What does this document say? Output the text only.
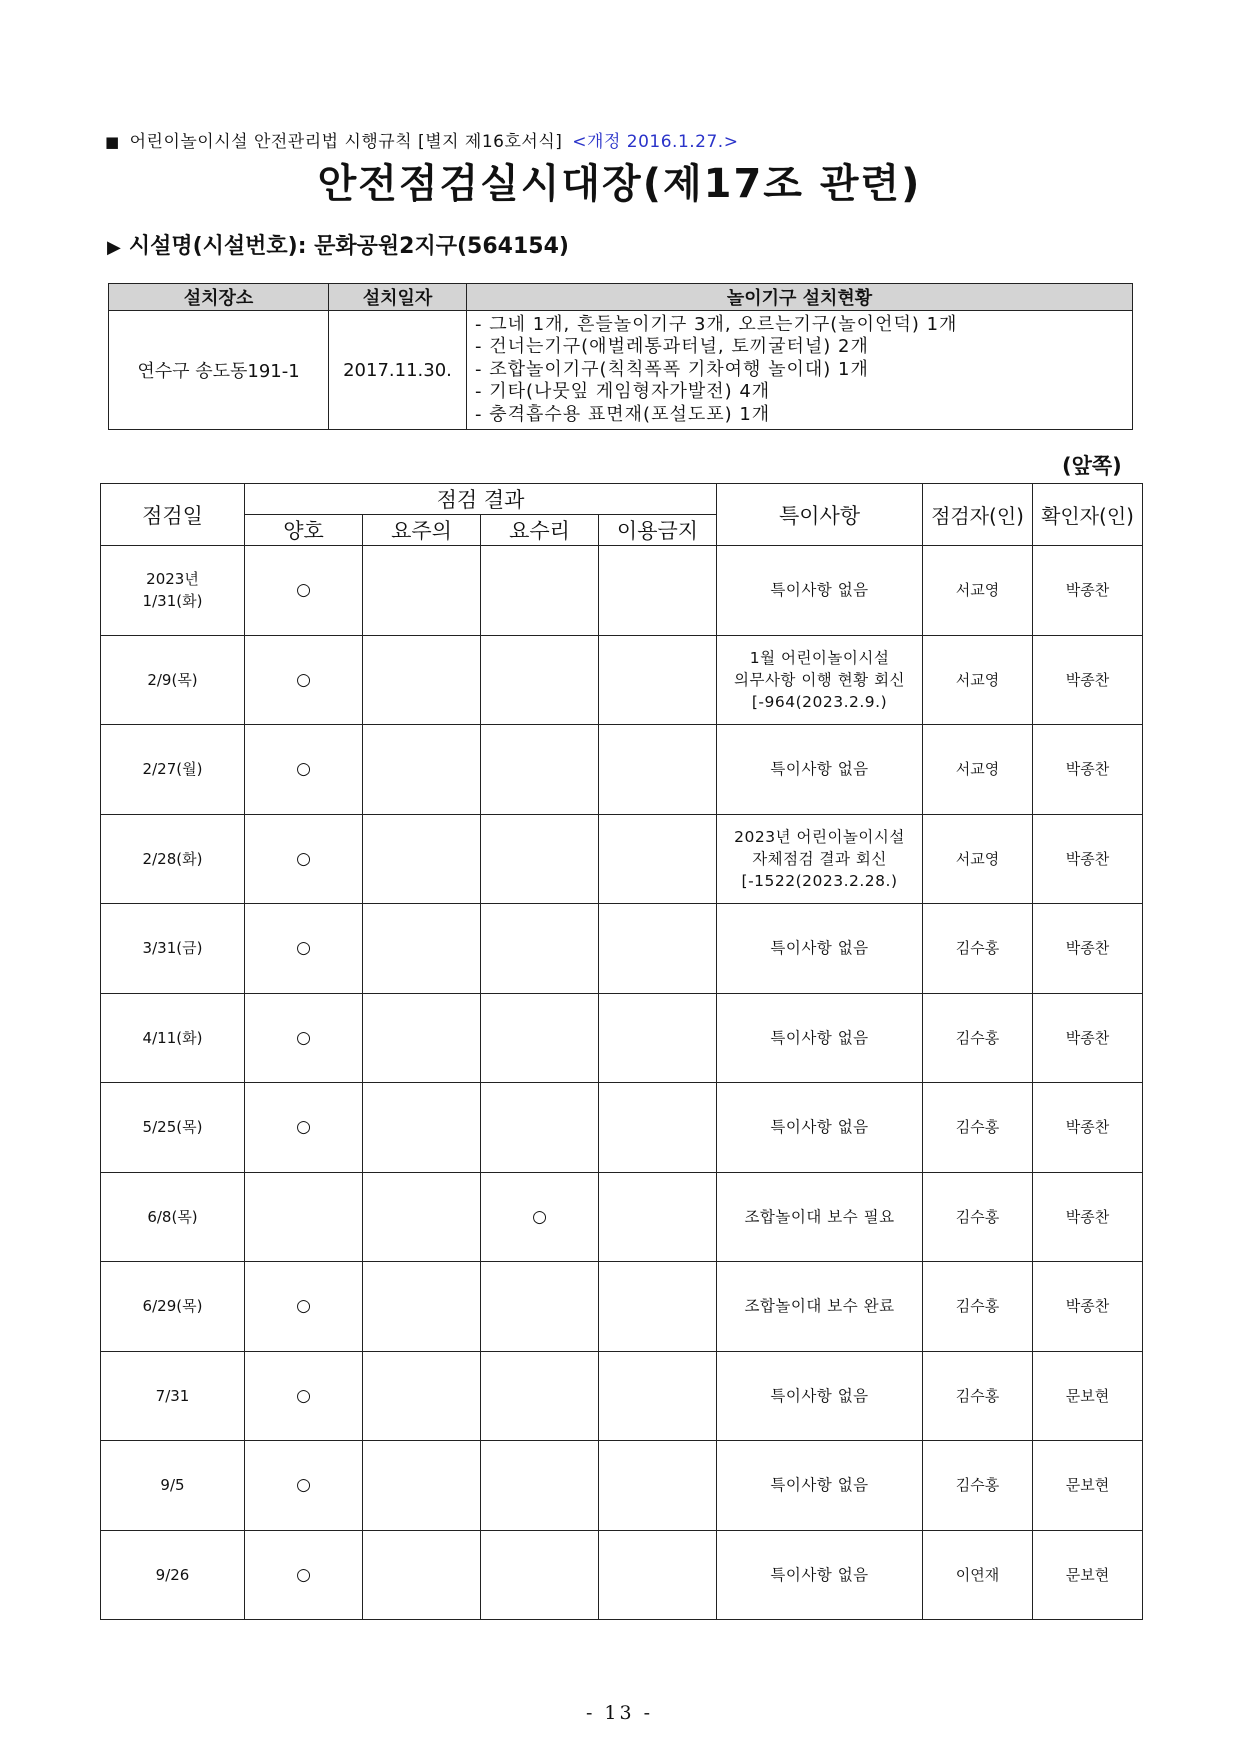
■ 어린이놀이시설 안전관리법 시행규칙 [별지 제16호서식] <개정 2016.1.27.>
안전점검실시대장(제17조 관련)
▶ 시설명(시설번호): 문화공원2지구(564154)
설치장소	설치일자	놀이기구 설치현황
연수구 송도동191-1	2017.11.30.	- 그네 1개, 흔들놀이기구 3개, 오르는기구(놀이언덕) 1개
- 건너는기구(애벌레통과터널, 토끼굴터널) 2개
- 조합놀이기구(칙칙폭폭 기차여행 놀이대) 1개
- 기타(나뭇잎 게임형자가발전) 4개
- 충격흡수용 표면재(포설도포) 1개
(앞쪽)
점검일	점검 결과				특이사항	점검자(인)	확인자(인)
	양호	요주의	요수리	이용금지			

2023년
1/31(화)	○				특이사항 없음	서교영	박종찬

2/9(목)	○				1월 어린이놀이시설
의무사항 이행 현황 회신
[-964(2023.2.9.)	서교영	박종찬

2/27(월)	○				특이사항 없음	서교영	박종찬

2/28(화)	○				2023년 어린이놀이시설
자체점검 결과 회신
[-1522(2023.2.28.)	서교영	박종찬

3/31(금)	○				특이사항 없음	김수홍	박종찬

4/11(화)	○				특이사항 없음	김수홍	박종찬

5/25(목)	○				특이사항 없음	김수홍	박종찬

6/8(목)			○		조합놀이대 보수 필요	김수홍	박종찬

6/29(목)	○				조합놀이대 보수 완료	김수홍	박종찬

7/31	○				특이사항 없음	김수홍	문보현

9/5	○				특이사항 없음	김수홍	문보현

9/26	○				특이사항 없음	이연재	문보현
- 13 -
